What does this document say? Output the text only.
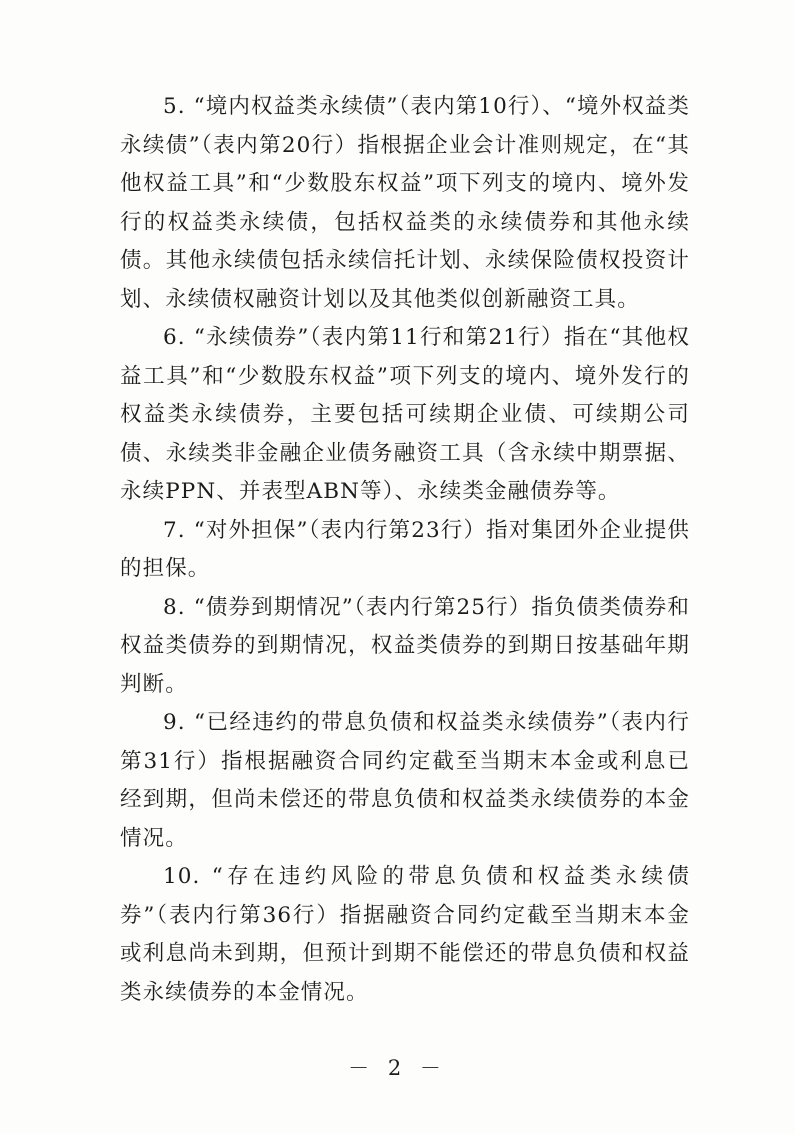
5. “境内权益类永续债”（表内第10行）、“境外权益类永续债”（表内第20行）指根据企业会计准则规定，在“其他权益工具”和“少数股东权益”项下列支的境内、境外发行的权益类永续债，包括权益类的永续债券和其他永续债。其他永续债包括永续信托计划、永续保险债权投资计划、永续债权融资计划以及其他类似创新融资工具。

6. “永续债券”（表内第11行和第21行）指在“其他权益工具”和“少数股东权益”项下列支的境内、境外发行的权益类永续债券，主要包括可续期企业债、可续期公司债、永续类非金融企业债务融资工具（含永续中期票据、永续PPN、并表型ABN等）、永续类金融债券等。

7. “对外担保”（表内行第23行）指对集团外企业提供的担保。

8. “债券到期情况”（表内行第25行）指负债类债券和权益类债券的到期情况，权益类债券的到期日按基础年期判断。

9. “已经违约的带息负债和权益类永续债券”（表内行第31行）指根据融资合同约定截至当期末本金或利息已经到期，但尚未偿还的带息负债和权益类永续债券的本金情况。

10. “存在违约风险的带息负债和权益类永续债券”（表内行第36行）指据融资合同约定截至当期末本金或利息尚未到期，但预计到期不能偿还的带息负债和权益类永续债券的本金情况。

－ 2 －
